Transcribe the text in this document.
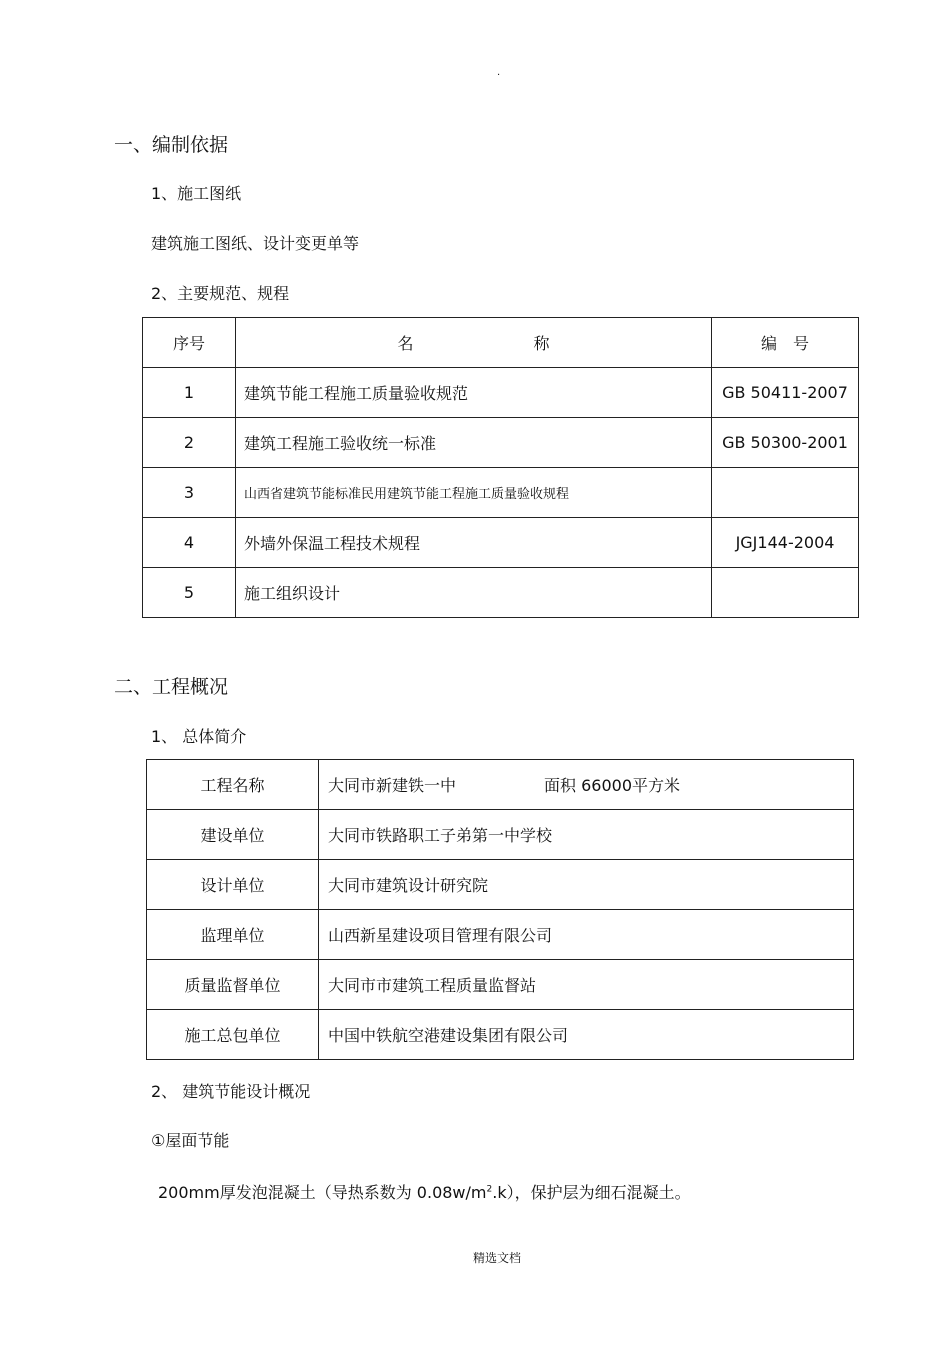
·
一、编制依据
1、施工图纸
建筑施工图纸、设计变更单等
2、主要规范、规程
序号	名 称	编　号
1	建筑节能工程施工质量验收规范	GB 50411-2007
2	建筑工程施工验收统一标准	GB 50300-2001
3	山西省建筑节能标准民用建筑节能工程施工质量验收规程	
4	外墙外保温工程技术规程	JGJ144-2004
5	施工组织设计	
二、工程概况
1、 总体简介
工程名称	大同市新建铁一中 面积 66000平方米
建设单位	大同市铁路职工子弟第一中学校
设计单位	大同市建筑设计研究院
监理单位	山西新星建设项目管理有限公司
质量监督单位	大同市市建筑工程质量监督站
施工总包单位	中国中铁航空港建设集团有限公司
2、 建筑节能设计概况
①屋面节能
200mm厚发泡混凝土（导热系数为 $0.08w/m^2.k$），保护层为细石混凝土。
精选文档
